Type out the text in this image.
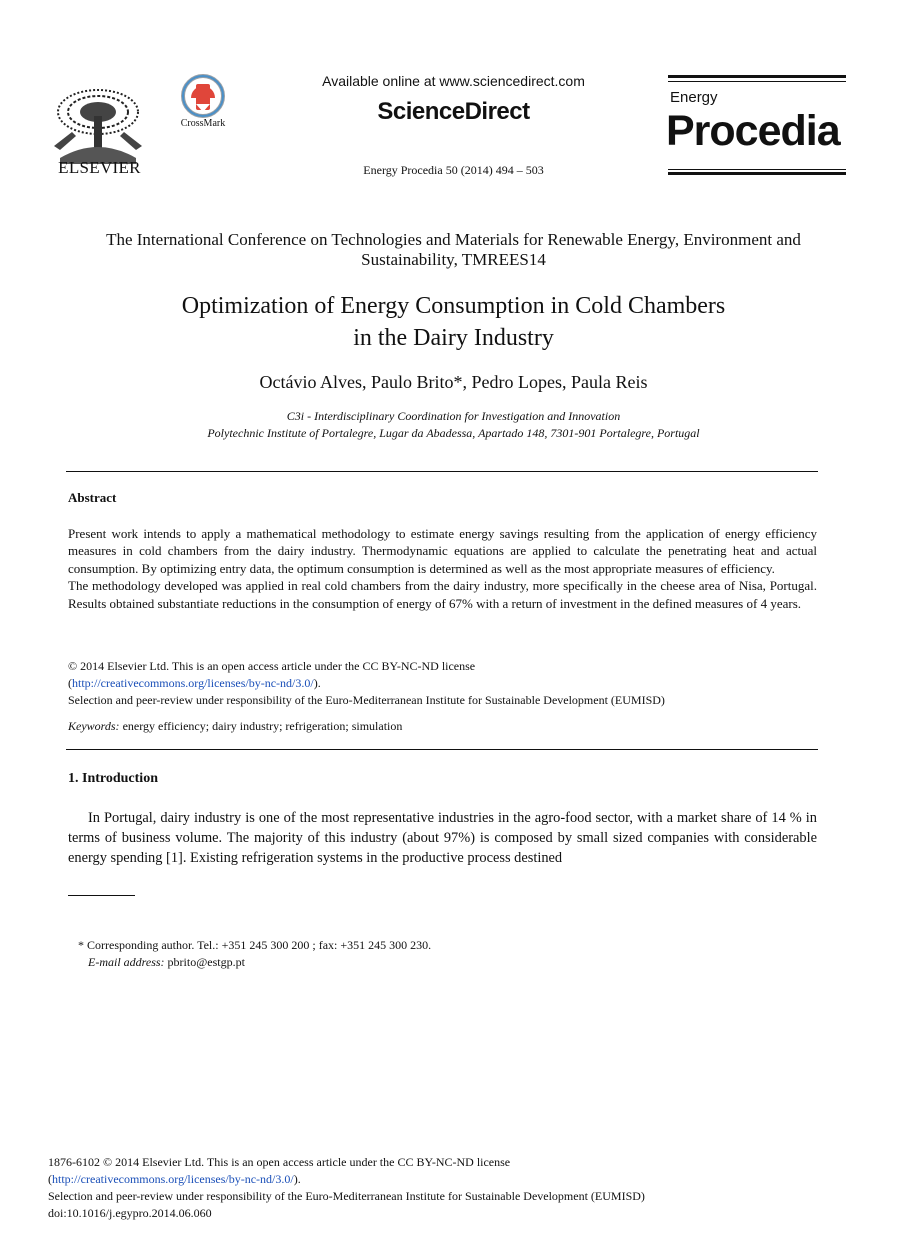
ELSEVIER
CrossMark
Available online at www.sciencedirect.com
ScienceDirect
Energy Procedia 50 (2014) 494 – 503
Energy
Procedia
The International Conference on Technologies and Materials for Renewable Energy, Environment and Sustainability, TMREES14
Optimization of Energy Consumption in Cold Chambers
in the Dairy Industry
Octávio Alves, Paulo Brito*, Pedro Lopes, Paula Reis
C3i - Interdisciplinary Coordination for Investigation and Innovation
Polytechnic Institute of Portalegre, Lugar da Abadessa, Apartado 148, 7301-901 Portalegre, Portugal
Abstract

Present work intends to apply a mathematical methodology to estimate energy savings resulting from the application of energy efficiency measures in cold chambers from the dairy industry. Thermodynamic equations are applied to calculate the penetrating heat and actual consumption. By optimizing entry data, the optimum consumption is determined as well as the most appropriate measures of efficiency.

The methodology developed was applied in real cold chambers from the dairy industry, more specifically in the cheese area of Nisa, Portugal. Results obtained substantiate reductions in the consumption of energy of 67% with a return of investment in the defined measures of 4 years.

© 2014 Elsevier Ltd. This is an open access article under the CC BY-NC-ND license
(http://creativecommons.org/licenses/by-nc-nd/3.0/).
Selection and peer-review under responsibility of the Euro-Mediterranean Institute for Sustainable Development (EUMISD)
Keywords: energy efficiency; dairy industry; refrigeration; simulation
1. Introduction
In Portugal, dairy industry is one of the most representative industries in the agro-food sector, with a market share of 14 % in terms of business volume. The majority of this industry (about 97%) is composed by small sized companies with considerable energy spending [1]. Existing refrigeration systems in the productive process destined
* Corresponding author. Tel.: +351 245 300 200 ; fax: +351 245 300 230.
E-mail address: pbrito@estgp.pt
1876-6102 © 2014 Elsevier Ltd. This is an open access article under the CC BY-NC-ND license
(http://creativecommons.org/licenses/by-nc-nd/3.0/).
Selection and peer-review under responsibility of the Euro-Mediterranean Institute for Sustainable Development (EUMISD)
doi:10.1016/j.egypro.2014.06.060
